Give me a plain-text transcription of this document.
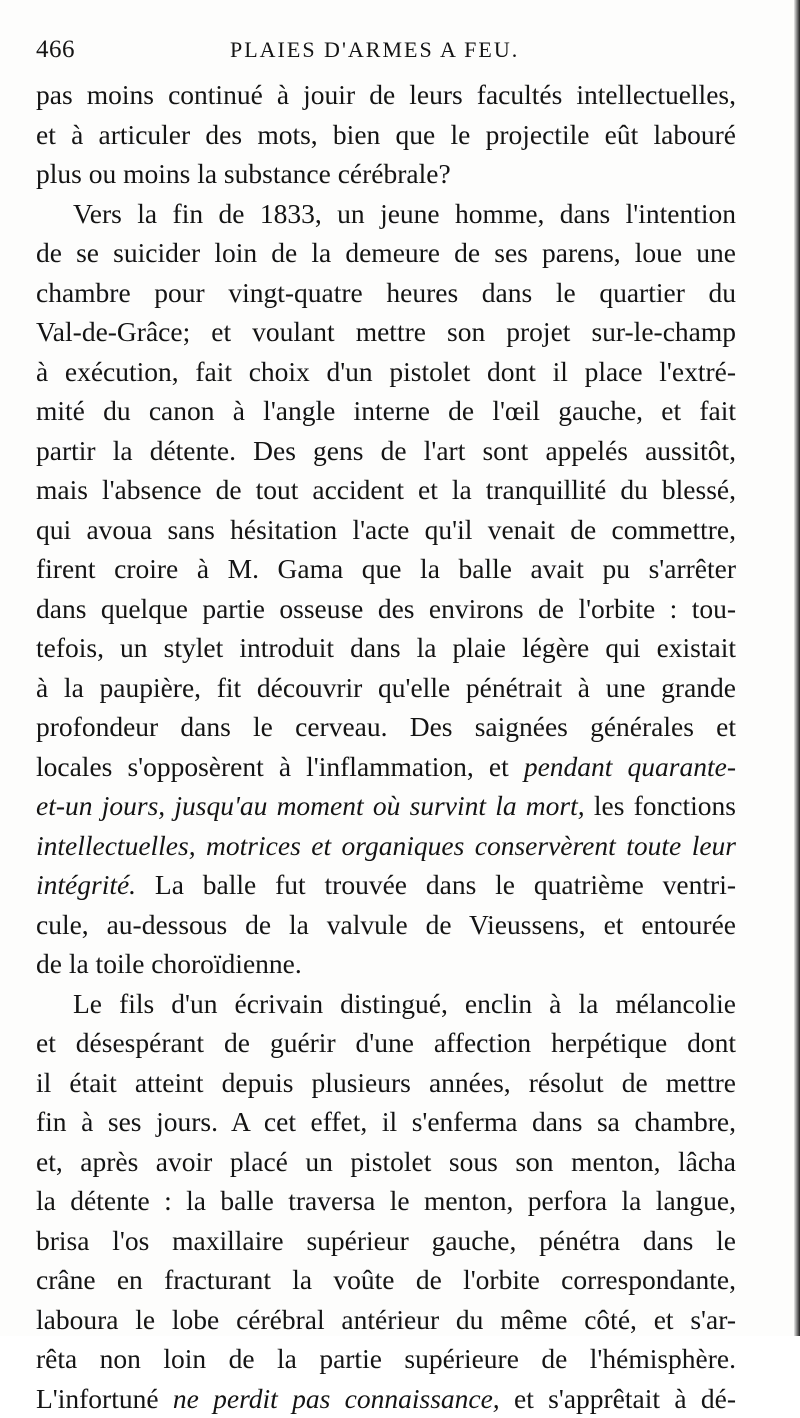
466	PLAIES D'ARMES A FEU.
pas moins continué à jouir de leurs facultés intellectuelles,
et à articuler des mots, bien que le projectile eût labouré
plus ou moins la substance cérébrale?
Vers la fin de 1833, un jeune homme, dans l'intention
de se suicider loin de la demeure de ses parens, loue une
chambre pour vingt-quatre heures dans le quartier du
Val-de-Grâce; et voulant mettre son projet sur-le-champ
à exécution, fait choix d'un pistolet dont il place l'extré-
mité du canon à l'angle interne de l'œil gauche, et fait
partir la détente. Des gens de l'art sont appelés aussitôt,
mais l'absence de tout accident et la tranquillité du blessé,
qui avoua sans hésitation l'acte qu'il venait de commettre,
firent croire à M. Gama que la balle avait pu s'arrêter
dans quelque partie osseuse des environs de l'orbite : tou-
tefois, un stylet introduit dans la plaie légère qui existait
à la paupière, fit découvrir qu'elle pénétrait à une grande
profondeur dans le cerveau. Des saignées générales et
locales s'opposèrent à l'inflammation, et pendant quarante-
et-un jours, jusqu'au moment où survint la mort, les fonctions
intellectuelles, motrices et organiques conservèrent toute leur
intégrité. La balle fut trouvée dans le quatrième ventri-
cule, au-dessous de la valvule de Vieussens, et entourée
de la toile choroïdienne.
Le fils d'un écrivain distingué, enclin à la mélancolie
et désespérant de guérir d'une affection herpétique dont
il était atteint depuis plusieurs années, résolut de mettre
fin à ses jours. A cet effet, il s'enferma dans sa chambre,
et, après avoir placé un pistolet sous son menton, lâcha
la détente : la balle traversa le menton, perfora la langue,
brisa l'os maxillaire supérieur gauche, pénétra dans le
crâne en fracturant la voûte de l'orbite correspondante,
laboura le lobe cérébral antérieur du même côté, et s'ar-
rêta non loin de la partie supérieure de l'hémisphère.
L'infortuné ne perdit pas connaissance, et s'apprêtait à dé-
